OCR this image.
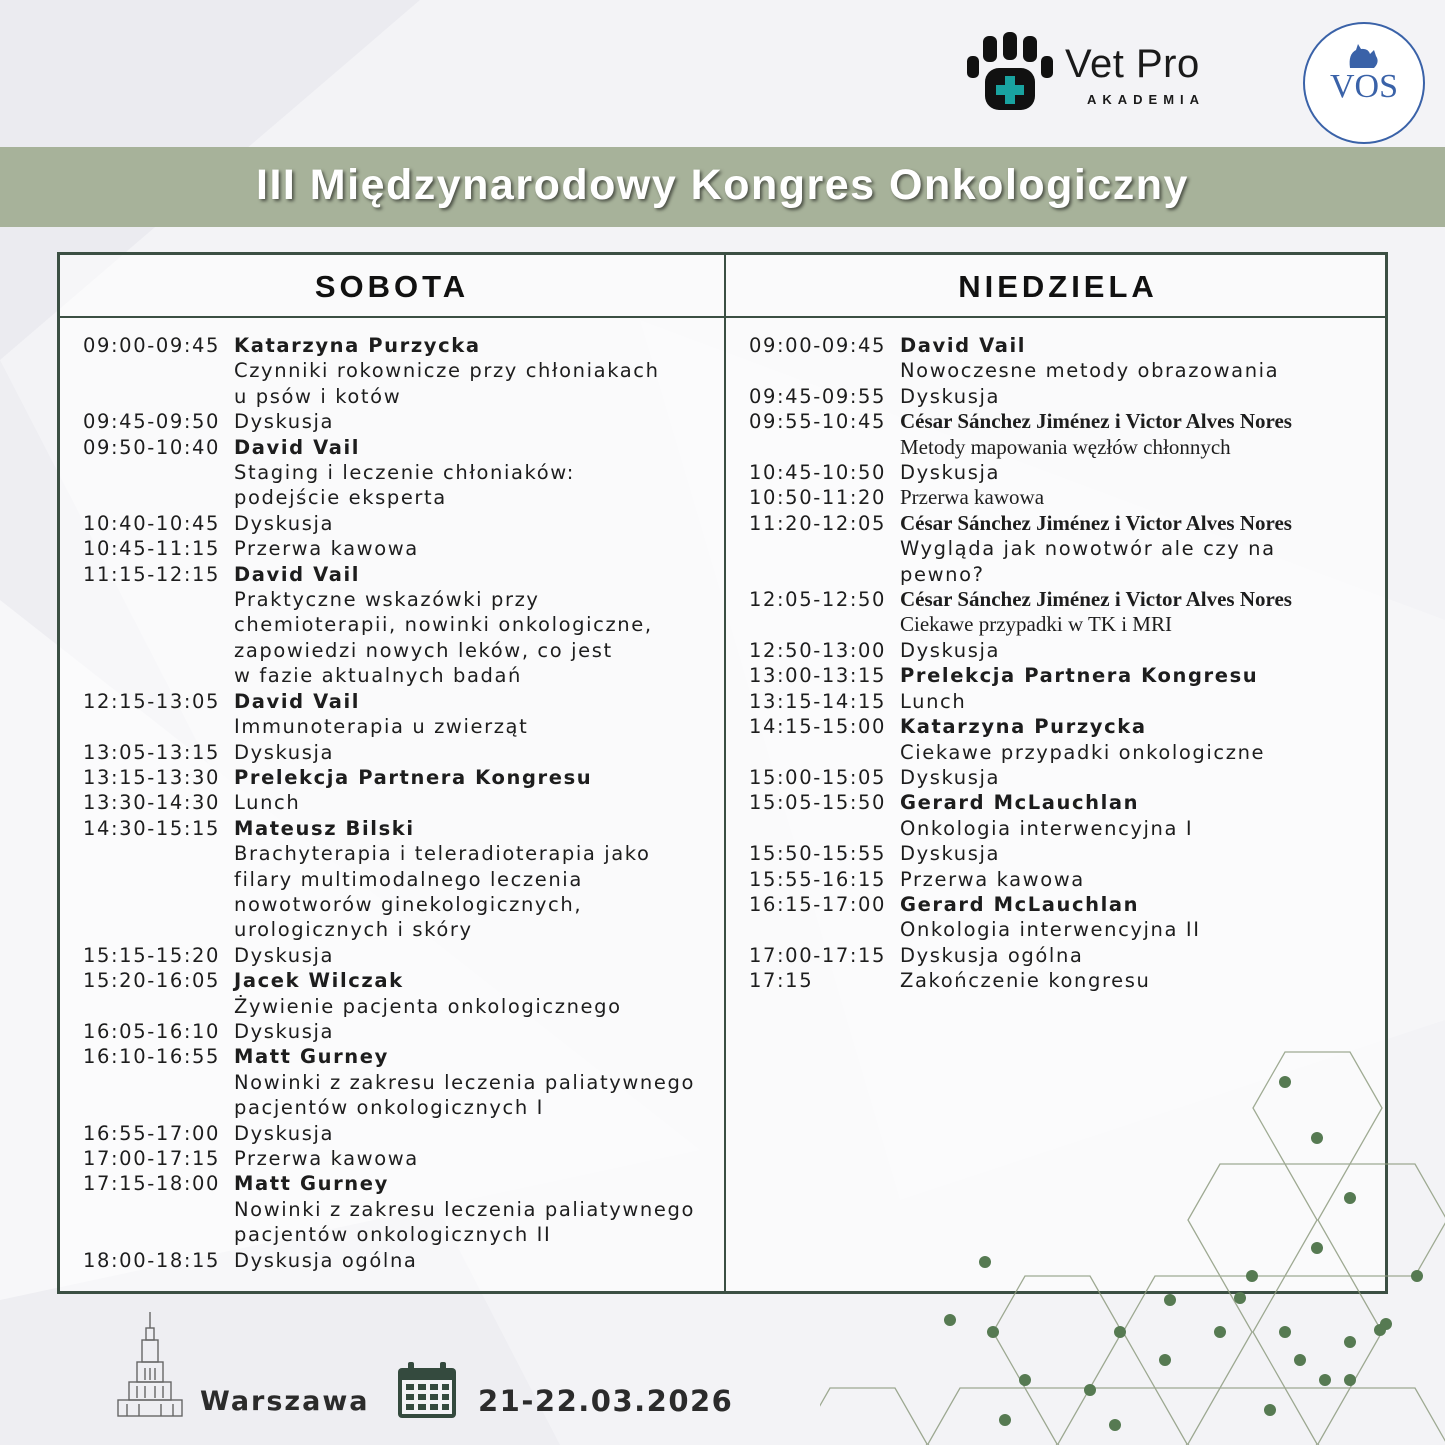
Vet Pro
AKADEMIA	VOS
III Międzynarodowy Kongres Onkologiczny
SOBOTA	NIEDZIELA
09:00-09:45 Katarzyna Purzycka
Czynniki rokownicze przy chłoniakach
u psów i kotów
09:45-09:50 Dyskusja
09:50-10:40 David Vail
Staging i leczenie chłoniaków:
podejście eksperta
10:40-10:45 Dyskusja
10:45-11:15 Przerwa kawowa
11:15-12:15 David Vail
Praktyczne wskazówki przy
chemioterapii, nowinki onkologiczne,
zapowiedzi nowych leków, co jest
w fazie aktualnych badań
12:15-13:05 David Vail
Immunoterapia u zwierząt
13:05-13:15 Dyskusja
13:15-13:30 Prelekcja Partnera Kongresu
13:30-14:30 Lunch
14:30-15:15 Mateusz Bilski
Brachyterapia i teleradioterapia jako
filary multimodalnego leczenia
nowotworów ginekologicznych,
urologicznych i skóry
15:15-15:20 Dyskusja
15:20-16:05 Jacek Wilczak
Żywienie pacjenta onkologicznego
16:05-16:10 Dyskusja
16:10-16:55 Matt Gurney
Nowinki z zakresu leczenia paliatywnego
pacjentów onkologicznych I
16:55-17:00 Dyskusja
17:00-17:15 Przerwa kawowa
17:15-18:00 Matt Gurney
Nowinki z zakresu leczenia paliatywnego
pacjentów onkologicznych II
18:00-18:15 Dyskusja ogólna
09:00-09:45 David Vail
Nowoczesne metody obrazowania
09:45-09:55 Dyskusja
09:55-10:45 César Sánchez Jiménez i Victor Alves Nores
Metody mapowania węzłów chłonnych
10:45-10:50 Dyskusja
10:50-11:20 Przerwa kawowa
11:20-12:05 César Sánchez Jiménez i Victor Alves Nores
Wygląda jak nowotwór ale czy na
pewno?
12:05-12:50 César Sánchez Jiménez i Victor Alves Nores
Ciekawe przypadki w TK i MRI
12:50-13:00 Dyskusja
13:00-13:15 Prelekcja Partnera Kongresu
13:15-14:15 Lunch
14:15-15:00 Katarzyna Purzycka
Ciekawe przypadki onkologiczne
15:00-15:05 Dyskusja
15:05-15:50 Gerard McLauchlan
Onkologia interwencyjna I
15:50-15:55 Dyskusja
15:55-16:15 Przerwa kawowa
16:15-17:00 Gerard McLauchlan
Onkologia interwencyjna II
17:00-17:15 Dyskusja ogólna
17:15	Zakończenie kongresu
Warszawa	21-22.03.2026
